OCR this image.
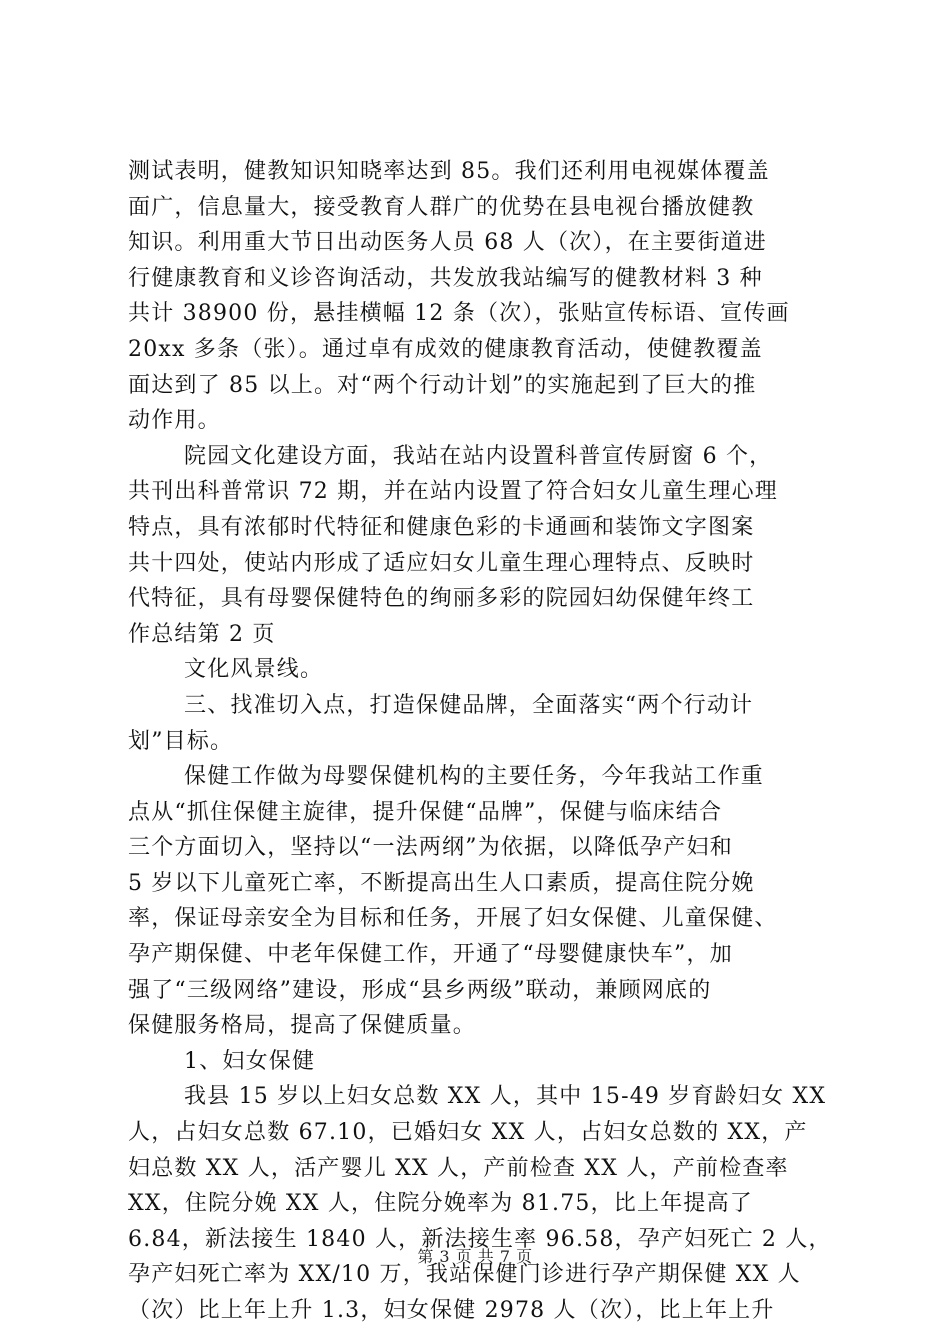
测试表明，健教知识知晓率达到 85。我们还利用电视媒体覆盖
面广，信息量大，接受教育人群广的优势在县电视台播放健教
知识。利用重大节日出动医务人员 68 人（次），在主要街道进
行健康教育和义诊咨询活动，共发放我站编写的健教材料 3 种
共计 38900 份，悬挂横幅 12 条（次），张贴宣传标语、宣传画
20xx 多条（张）。通过卓有成效的健康教育活动，使健教覆盖
面达到了 85 以上。对“两个行动计划”的实施起到了巨大的推
动作用。
院园文化建设方面，我站在站内设置科普宣传厨窗 6 个，
共刊出科普常识 72 期，并在站内设置了符合妇女儿童生理心理
特点，具有浓郁时代特征和健康色彩的卡通画和装饰文字图案
共十四处，使站内形成了适应妇女儿童生理心理特点、反映时
代特征，具有母婴保健特色的绚丽多彩的院园妇幼保健年终工
作总结第 2 页
文化风景线。
三、找准切入点，打造保健品牌，全面落实“两个行动计
划”目标。
保健工作做为母婴保健机构的主要任务，今年我站工作重
点从“抓住保健主旋律，提升保健“品牌”，保健与临床结合
三个方面切入，坚持以“一法两纲”为依据，以降低孕产妇和
5 岁以下儿童死亡率，不断提高出生人口素质，提高住院分娩
率，保证母亲安全为目标和任务，开展了妇女保健、儿童保健、
孕产期保健、中老年保健工作，开通了“母婴健康快车”，加
强了“三级网络”建设，形成“县乡两级”联动，兼顾网底的
保健服务格局，提高了保健质量。
1、妇女保健
我县 15 岁以上妇女总数 XX 人，其中 15-49 岁育龄妇女 XX
人，占妇女总数 67.10，已婚妇女 XX 人，占妇女总数的 XX，产
妇总数 XX 人，活产婴儿 XX 人，产前检查 XX 人，产前检查率
XX，住院分娩 XX 人，住院分娩率为 81.75，比上年提高了
6.84，新法接生 1840 人，新法接生率 96.58，孕产妇死亡 2 人，
孕产妇死亡率为 XX/10 万，我站保健门诊进行孕产期保健 XX 人
（次）比上年上升 1.3，妇女保健 2978 人（次），比上年上升
第 3 页 共 7 页
